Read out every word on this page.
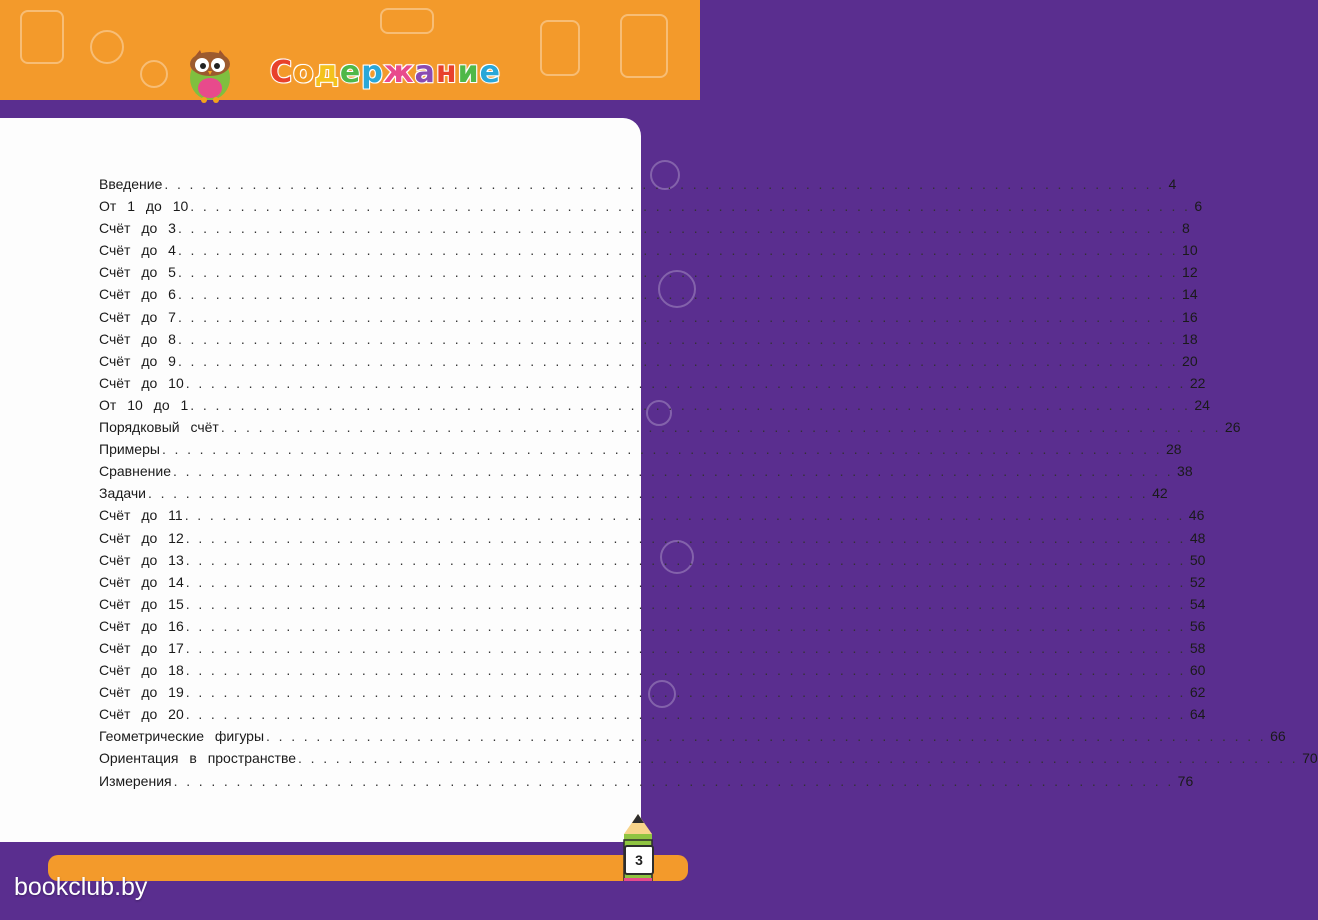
С о д е р ж а н и е
Введение . . . . . . . . . . . . . . . . . . . . . . . . . . . . . . . . . . . . . . . . . . . . . . . . . . . . . . . . . . . . . . . . . . . . . . . . . . . . . . . . 4
От 1 до 10 . . . . . . . . . . . . . . . . . . . . . . . . . . . . . . . . . . . . . . . . . . . . . . . . . . . . . . . . . . . . . . . . . . . . . . . . . . . . . . . . 6
Счёт до 3 . . . . . . . . . . . . . . . . . . . . . . . . . . . . . . . . . . . . . . . . . . . . . . . . . . . . . . . . . . . . . . . . . . . . . . . . . . . . . . . . 8
Счёт до 4 . . . . . . . . . . . . . . . . . . . . . . . . . . . . . . . . . . . . . . . . . . . . . . . . . . . . . . . . . . . . . . . . . . . . . . . . . . . . . . . . 10
Счёт до 5 . . . . . . . . . . . . . . . . . . . . . . . . . . . . . . . . . . . . . . . . . . . . . . . . . . . . . . . . . . . . . . . . . . . . . . . . . . . . . . . . 12
Счёт до 6 . . . . . . . . . . . . . . . . . . . . . . . . . . . . . . . . . . . . . . . . . . . . . . . . . . . . . . . . . . . . . . . . . . . . . . . . . . . . . . . . 14
Счёт до 7 . . . . . . . . . . . . . . . . . . . . . . . . . . . . . . . . . . . . . . . . . . . . . . . . . . . . . . . . . . . . . . . . . . . . . . . . . . . . . . . . 16
Счёт до 8 . . . . . . . . . . . . . . . . . . . . . . . . . . . . . . . . . . . . . . . . . . . . . . . . . . . . . . . . . . . . . . . . . . . . . . . . . . . . . . . . 18
Счёт до 9 . . . . . . . . . . . . . . . . . . . . . . . . . . . . . . . . . . . . . . . . . . . . . . . . . . . . . . . . . . . . . . . . . . . . . . . . . . . . . . . . 20
Счёт до 10 . . . . . . . . . . . . . . . . . . . . . . . . . . . . . . . . . . . . . . . . . . . . . . . . . . . . . . . . . . . . . . . . . . . . . . . . . . . . . . . . 22
От 10 до 1 . . . . . . . . . . . . . . . . . . . . . . . . . . . . . . . . . . . . . . . . . . . . . . . . . . . . . . . . . . . . . . . . . . . . . . . . . . . . . . . . 24
Порядковый счёт . . . . . . . . . . . . . . . . . . . . . . . . . . . . . . . . . . . . . . . . . . . . . . . . . . . . . . . . . . . . . . . . . . . . . . . . . . . . . . . . 26
Примеры . . . . . . . . . . . . . . . . . . . . . . . . . . . . . . . . . . . . . . . . . . . . . . . . . . . . . . . . . . . . . . . . . . . . . . . . . . . . . . . . 28
Сравнение . . . . . . . . . . . . . . . . . . . . . . . . . . . . . . . . . . . . . . . . . . . . . . . . . . . . . . . . . . . . . . . . . . . . . . . . . . . . . . . . 38
Задачи . . . . . . . . . . . . . . . . . . . . . . . . . . . . . . . . . . . . . . . . . . . . . . . . . . . . . . . . . . . . . . . . . . . . . . . . . . . . . . . . 42
Счёт до 11 . . . . . . . . . . . . . . . . . . . . . . . . . . . . . . . . . . . . . . . . . . . . . . . . . . . . . . . . . . . . . . . . . . . . . . . . . . . . . . . . 46
Счёт до 12 . . . . . . . . . . . . . . . . . . . . . . . . . . . . . . . . . . . . . . . . . . . . . . . . . . . . . . . . . . . . . . . . . . . . . . . . . . . . . . . . 48
Счёт до 13 . . . . . . . . . . . . . . . . . . . . . . . . . . . . . . . . . . . . . . . . . . . . . . . . . . . . . . . . . . . . . . . . . . . . . . . . . . . . . . . . 50
Счёт до 14 . . . . . . . . . . . . . . . . . . . . . . . . . . . . . . . . . . . . . . . . . . . . . . . . . . . . . . . . . . . . . . . . . . . . . . . . . . . . . . . . 52
Счёт до 15 . . . . . . . . . . . . . . . . . . . . . . . . . . . . . . . . . . . . . . . . . . . . . . . . . . . . . . . . . . . . . . . . . . . . . . . . . . . . . . . . 54
Счёт до 16 . . . . . . . . . . . . . . . . . . . . . . . . . . . . . . . . . . . . . . . . . . . . . . . . . . . . . . . . . . . . . . . . . . . . . . . . . . . . . . . . 56
Счёт до 17 . . . . . . . . . . . . . . . . . . . . . . . . . . . . . . . . . . . . . . . . . . . . . . . . . . . . . . . . . . . . . . . . . . . . . . . . . . . . . . . . 58
Счёт до 18 . . . . . . . . . . . . . . . . . . . . . . . . . . . . . . . . . . . . . . . . . . . . . . . . . . . . . . . . . . . . . . . . . . . . . . . . . . . . . . . . 60
Счёт до 19 . . . . . . . . . . . . . . . . . . . . . . . . . . . . . . . . . . . . . . . . . . . . . . . . . . . . . . . . . . . . . . . . . . . . . . . . . . . . . . . . 62
Счёт до 20 . . . . . . . . . . . . . . . . . . . . . . . . . . . . . . . . . . . . . . . . . . . . . . . . . . . . . . . . . . . . . . . . . . . . . . . . . . . . . . . . 64
Геометрические фигуры . . . . . . . . . . . . . . . . . . . . . . . . . . . . . . . . . . . . . . . . . . . . . . . . . . . . . . . . . . . . . . . . . . . . . . . . . . . . . . . . 66
Ориентация в пространстве . . . . . . . . . . . . . . . . . . . . . . . . . . . . . . . . . . . . . . . . . . . . . . . . . . . . . . . . . . . . . . . . . . . . . . . . . . . . . . . . 70
Измерения . . . . . . . . . . . . . . . . . . . . . . . . . . . . . . . . . . . . . . . . . . . . . . . . . . . . . . . . . . . . . . . . . . . . . . . . . . . . . . . . 76
3
bookclub.by
